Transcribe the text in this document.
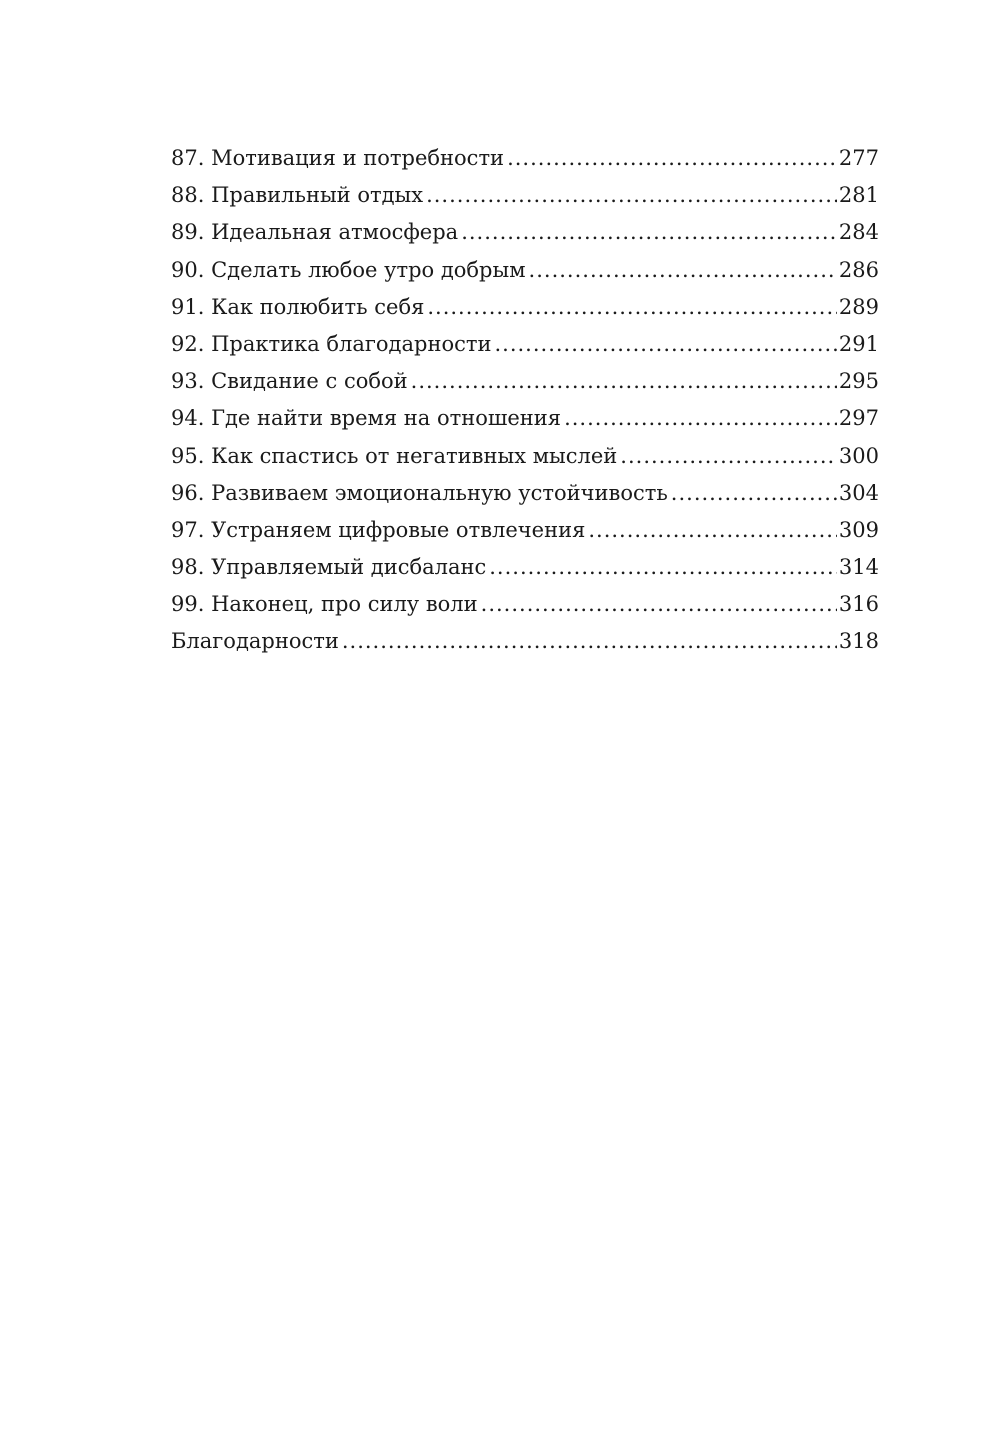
87. Мотивация и потребности .....	277
88. Правильный отдых .....	281
89. Идеальная атмосфера .....	284
90. Сделать любое утро добрым .....	286
91. Как полюбить себя .....	289
92. Практика благодарности .....	291
93. Свидание с собой .....	295
94. Где найти время на отношения .....	297
95. Как спастись от негативных мыслей .....	300
96. Развиваем эмоциональную устойчивость .....	304
97. Устраняем цифровые отвлечения .....	309
98. Управляемый дисбаланс .....	314
99. Наконец, про силу воли .....	316
Благодарности .....	318
